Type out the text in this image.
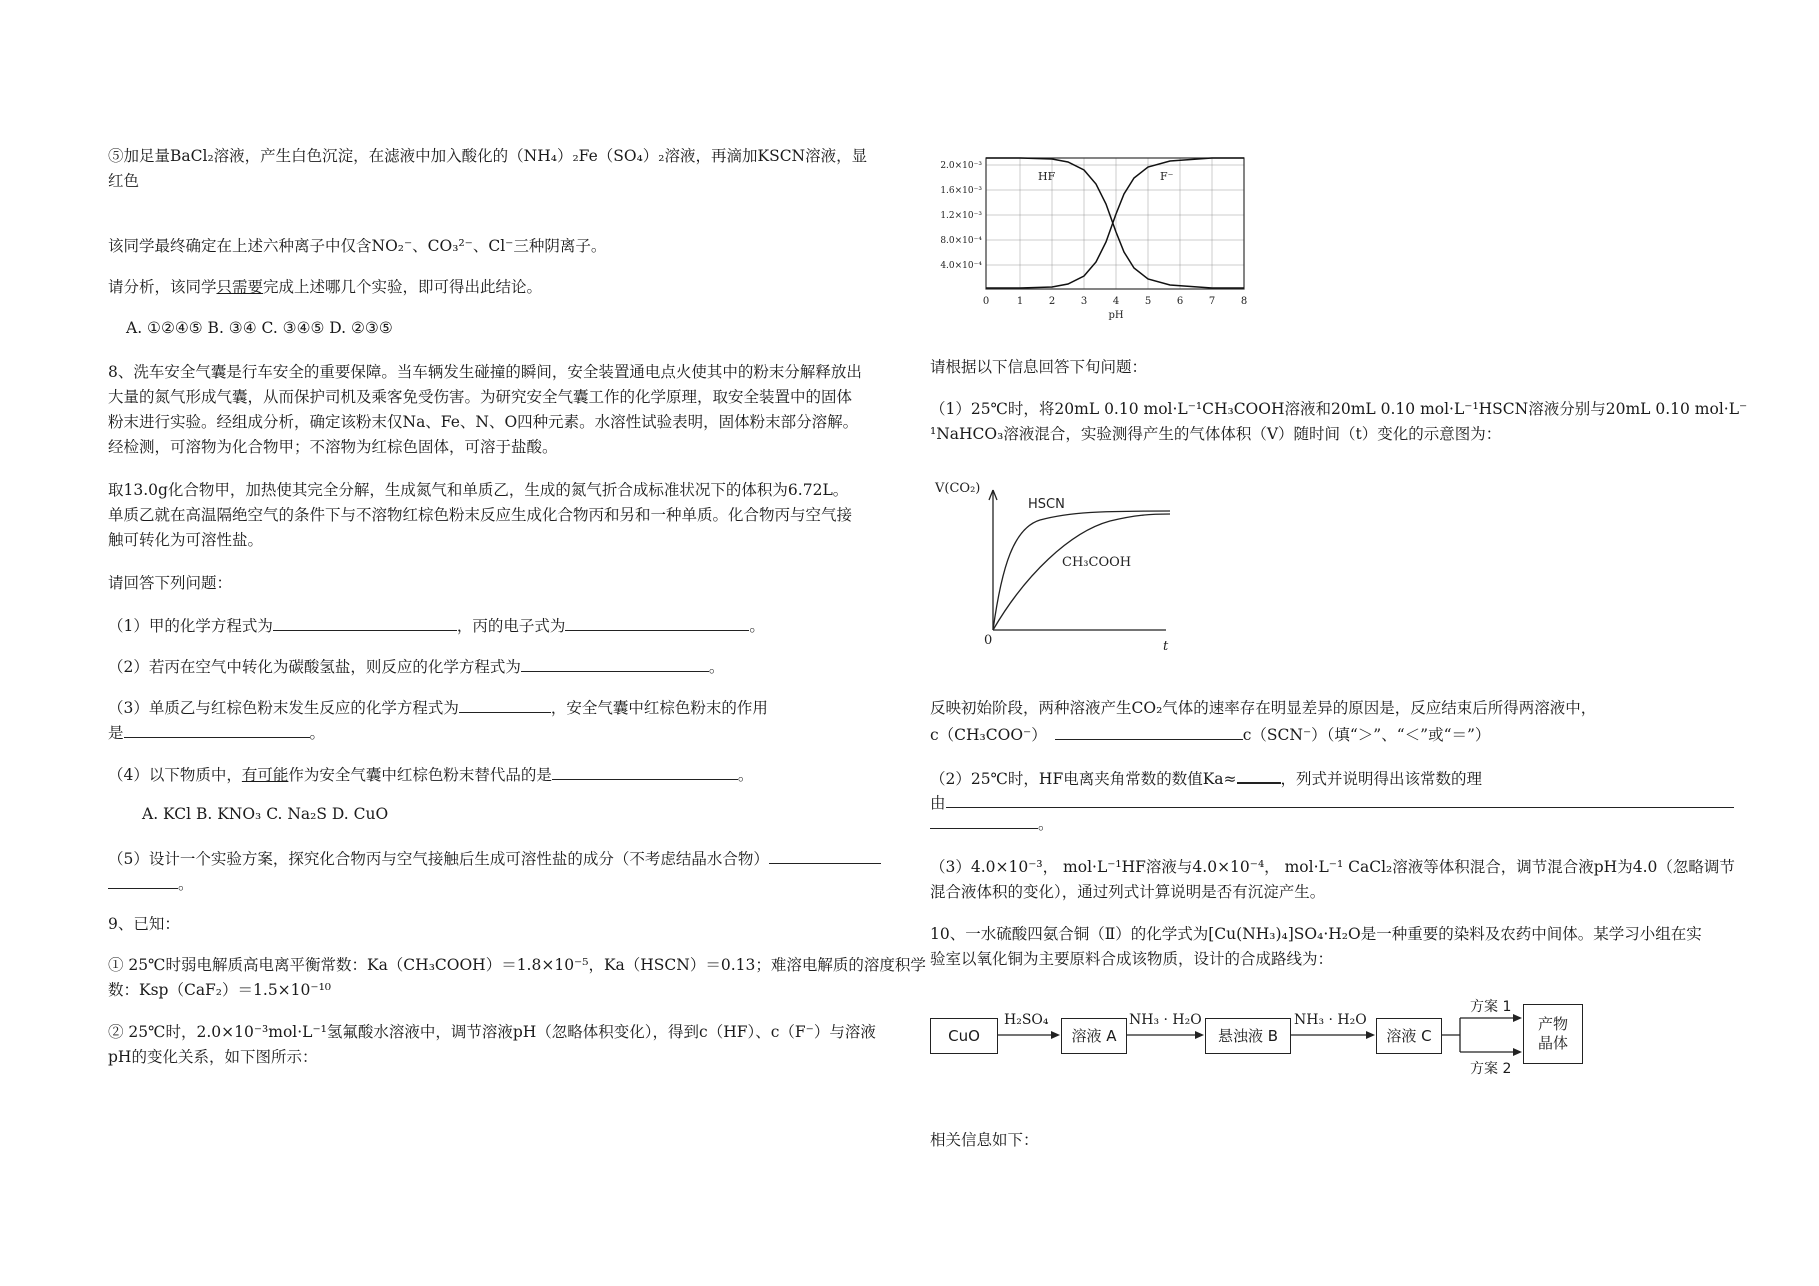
⑤加足量BaCl₂溶液，产生白色沉淀，在滤液中加入酸化的（NH₄）₂Fe（SO₄）₂溶液，再滴加KSCN溶液，显
红色
该同学最终确定在上述六种离子中仅含NO₂⁻、CO₃²⁻、Cl⁻三种阴离子。
请分析，该同学只需要完成上述哪几个实验，即可得出此结论。
A. ①②④⑤ B. ③④ C. ③④⑤ D. ②③⑤
8、洗车安全气囊是行车安全的重要保障。当车辆发生碰撞的瞬间，安全装置通电点火使其中的粉末分解释放出
大量的氮气形成气囊，从而保护司机及乘客免受伤害。为研究安全气囊工作的化学原理，取安全装置中的固体
粉末进行实验。经组成分析，确定该粉末仅Na、Fe、N、O四种元素。水溶性试验表明，固体粉末部分溶解。
经检测，可溶物为化合物甲；不溶物为红棕色固体，可溶于盐酸。
取13.0g化合物甲，加热使其完全分解，生成氮气和单质乙，生成的氮气折合成标准状况下的体积为6.72L。
单质乙就在高温隔绝空气的条件下与不溶物红棕色粉末反应生成化合物丙和另和一种单质。化合物丙与空气接
触可转化为可溶性盐。
请回答下列问题：
（1）甲的化学方程式为	，丙的电子式为	。
（2）若丙在空气中转化为碳酸氢盐，则反应的化学方程式为	。
（3）单质乙与红棕色粉末发生反应的化学方程式为	，安全气囊中红棕色粉末的作用
是	。
（4）以下物质中，有可能作为安全气囊中红棕色粉末替代品的是	。
A. KCl B. KNO₃ C. Na₂S D. CuO
（5）设计一个实验方案，探究化合物丙与空气接触后生成可溶性盐的成分（不考虑结晶水合物）
。
9、已知：
① 25℃时弱电解质高电离平衡常数：Ka（CH₃COOH）＝1.8×10⁻⁵，Ka（HSCN）＝0.13；难溶电解质的溶度积学
数：Ksp（CaF₂）＝1.5×10⁻¹⁰
② 25℃时，2.0×10⁻³mol·L⁻¹氢氟酸水溶液中，调节溶液pH（忽略体积变化），得到c（HF）、c（F⁻）与溶液
pH的变化关系，如下图所示：
2.0×10⁻³
1.6×10⁻³
1.2×10⁻³
8.0×10⁻⁴
4.0×10⁻⁴
0	1	2	3	4	5	6	7	8
pH
HF	F⁻
请根据以下信息回答下旬问题：
（1）25℃时，将20mL 0.10 mol·L⁻¹CH₃COOH溶液和20mL 0.10 mol·L⁻¹HSCN溶液分别与20mL 0.10 mol·L⁻
¹NaHCO₃溶液混合，实验测得产生的气体体积（V）随时间（t）变化的示意图为：
V(CO₂)
t
0
HSCN
CH₃COOH
反映初始阶段，两种溶液产生CO₂气体的速率存在明显差异的原因是，反应结束后所得两溶液中，
c（CH₃COO⁻）	c（SCN⁻）（填“＞”、“＜”或“＝”）
（2）25℃时，HF电离夹角常数的数值Ka≈	，列式并说明得出该常数的理
由
。
（3）4.0×10⁻³， mol·L⁻¹HF溶液与4.0×10⁻⁴， mol·L⁻¹ CaCl₂溶液等体积混合，调节混合液pH为4.0（忽略调节
混合液体积的变化），通过列式计算说明是否有沉淀产生。
10、一水硫酸四氨合铜（Ⅱ）的化学式为[Cu(NH₃)₄]SO₄·H₂O是一种重要的染料及农药中间体。某学习小组在实
验室以氧化铜为主要原料合成该物质，设计的合成路线为：
CuO	溶液 A	悬浊液 B	溶液 C
产物
晶体
H₂SO₄	NH₃ · H₂O	NH₃ · H₂O
方案 1
方案 2
相关信息如下：
